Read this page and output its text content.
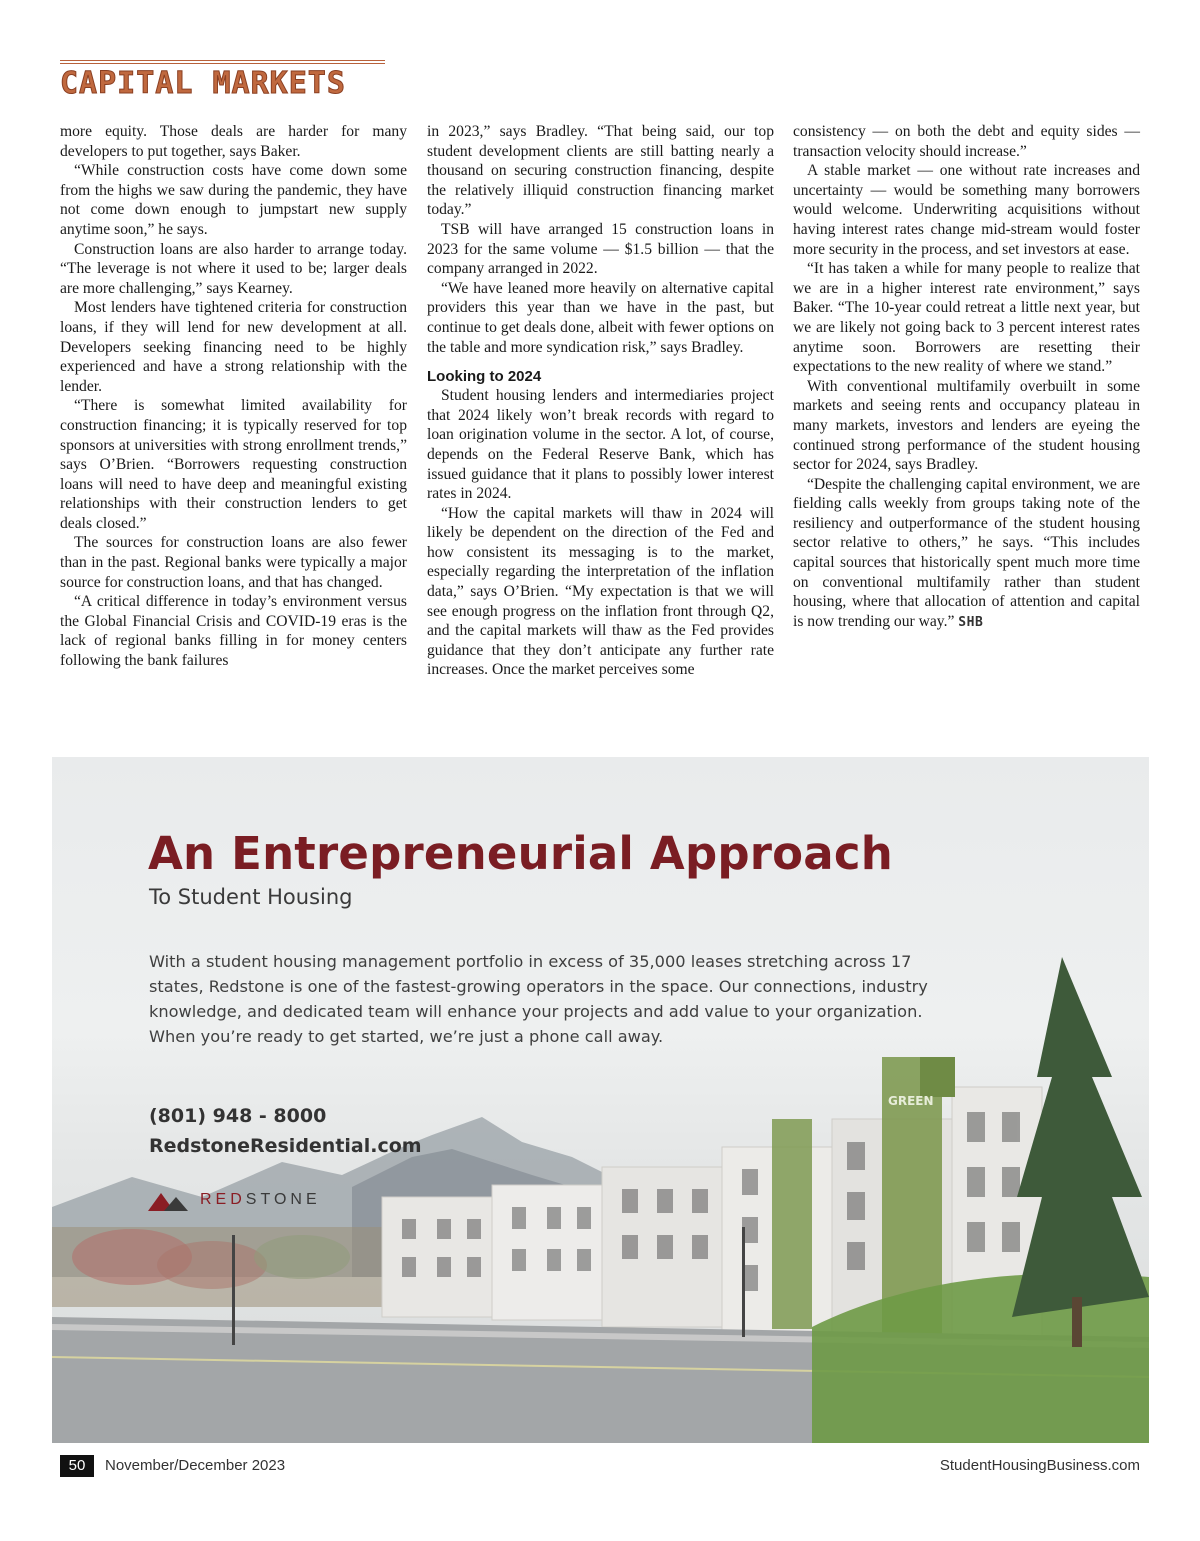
CAPITAL MARKETS

more equity. Those deals are harder for many developers to put together, says Baker.

“While construction costs have come down some from the highs we saw during the pandemic, they have not come down enough to jumpstart new supply anytime soon,” he says.

Construction loans are also harder to arrange today. “The leverage is not where it used to be; larger deals are more challenging,” says Kearney.

Most lenders have tightened criteria for construction loans, if they will lend for new development at all. Developers seeking financing need to be highly experienced and have a strong relationship with the lender.

“There is somewhat limited availability for construction financing; it is typically reserved for top sponsors at universities with strong enrollment trends,” says O’Brien. “Borrowers requesting construction loans will need to have deep and meaningful existing relationships with their construction lenders to get deals closed.”

The sources for construction loans are also fewer than in the past. Regional banks were typically a major source for construction loans, and that has changed.

“A critical difference in today’s environment versus the Global Financial Crisis and COVID-19 eras is the lack of regional banks filling in for money centers following the bank failures

in 2023,” says Bradley. “That being said, our top student development clients are still batting nearly a thousand on securing construction financing, despite the relatively illiquid construction financing market today.”

TSB will have arranged 15 construction loans in 2023 for the same volume — $1.5 billion — that the company arranged in 2022.

“We have leaned more heavily on alternative capital providers this year than we have in the past, but continue to get deals done, albeit with fewer options on the table and more syndication risk,” says Bradley.

Looking to 2024

Student housing lenders and intermediaries project that 2024 likely won’t break records with regard to loan origination volume in the sector. A lot, of course, depends on the Federal Reserve Bank, which has issued guidance that it plans to possibly lower interest rates in 2024.

“How the capital markets will thaw in 2024 will likely be dependent on the direction of the Fed and how consistent its messaging is to the market, especially regarding the interpretation of the inflation data,” says O’Brien. “My expectation is that we will see enough progress on the inflation front through Q2, and the capital markets will thaw as the Fed provides guidance that they don’t anticipate any further rate increases. Once the market perceives some

consistency — on both the debt and equity sides — transaction velocity should increase.”

A stable market — one without rate increases and uncertainty — would be something many borrowers would welcome. Underwriting acquisitions without having interest rates change mid-stream would foster more security in the process, and set investors at ease.

“It has taken a while for many people to realize that we are in a higher interest rate environment,” says Baker. “The 10-year could retreat a little next year, but we are likely not going back to 3 percent interest rates anytime soon. Borrowers are resetting their expectations to the new reality of where we stand.”

With conventional multifamily overbuilt in some markets and seeing rents and occupancy plateau in many markets, investors and lenders are eyeing the continued strong performance of the student housing sector for 2024, says Bradley.

“Despite the challenging capital environment, we are fielding calls weekly from groups taking note of the resiliency and outperformance of the student housing sector relative to others,” he says. “This includes capital sources that historically spent much more time on conventional multifamily rather than student housing, where that allocation of attention and capital is now trending our way.” SHB

GREEN
An Entrepreneurial Approach
To Student Housing
With a student housing management portfolio in excess of 35,000 leases stretching across 17 states, Redstone is one of the fastest-growing operators in the space. Our connections, industry knowledge, and dedicated team will enhance your projects and add value to your organization. When you’re ready to get started, we’re just a phone call away.
(801) 948 - 8000
RedstoneResidential.com
REDSTONE
50	November/December 2023	StudentHousingBusiness.com
